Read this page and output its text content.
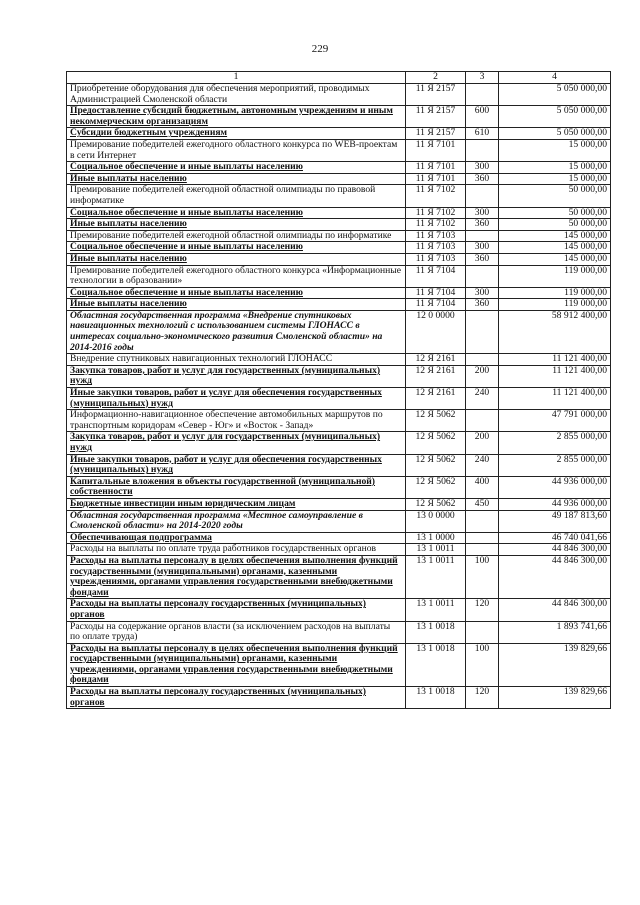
229
1	2	3	4
Приобретение оборудования для обеспечения мероприятий, проводимых Администрацией Смоленской области	11 Я 2157		5 050 000,00
Предоставление субсидий бюджетным, автономным учреждениям и иным некоммерческим организациям	11 Я 2157	600	5 050 000,00
Субсидии бюджетным учреждениям	11 Я 2157	610	5 050 000,00
Премирование победителей ежегодного областного конкурса по WEB-проектам в сети Интернет	11 Я 7101		15 000,00
Социальное обеспечение и иные выплаты населению	11 Я 7101	300	15 000,00
Иные выплаты населению	11 Я 7101	360	15 000,00
Премирование победителей ежегодной областной олимпиады по правовой информатике	11 Я 7102		50 000,00
Социальное обеспечение и иные выплаты населению	11 Я 7102	300	50 000,00
Иные выплаты населению	11 Я 7102	360	50 000,00
Премирование победителей ежегодной областной олимпиады по информатике	11 Я 7103		145 000,00
Социальное обеспечение и иные выплаты населению	11 Я 7103	300	145 000,00
Иные выплаты населению	11 Я 7103	360	145 000,00
Премирование победителей ежегодного областного конкурса «Информационные технологии в образовании»	11 Я 7104		119 000,00
Социальное обеспечение и иные выплаты населению	11 Я 7104	300	119 000,00
Иные выплаты населению	11 Я 7104	360	119 000,00
Областная государственная программа «Внедрение спутниковых навигационных технологий с использованием системы ГЛОНАСС в интересах социально-экономического развития Смоленской области» на 2014-2016 годы	12 0 0000		58 912 400,00
Внедрение спутниковых навигационных технологий ГЛОНАСС	12 Я 2161		11 121 400,00
Закупка товаров, работ и услуг для государственных (муниципальных) нужд	12 Я 2161	200	11 121 400,00
Иные закупки товаров, работ и услуг для обеспечения государственных (муниципальных) нужд	12 Я 2161	240	11 121 400,00
Информационно-навигационное обеспечение автомобильных маршрутов по транспортным коридорам «Север - Юг» и «Восток - Запад»	12 Я 5062		47 791 000,00
Закупка товаров, работ и услуг для государственных (муниципальных) нужд	12 Я 5062	200	2 855 000,00
Иные закупки товаров, работ и услуг для обеспечения государственных (муниципальных) нужд	12 Я 5062	240	2 855 000,00
Капитальные вложения в объекты государственной (муниципальной) собственности	12 Я 5062	400	44 936 000,00
Бюджетные инвестиции иным юридическим лицам	12 Я 5062	450	44 936 000,00
Областная государственная программа «Местное самоуправление в Смоленской области» на 2014-2020 годы	13 0 0000		49 187 813,60
Обеспечивающая подпрограмма	13 1 0000		46 740 041,66
Расходы на выплаты по оплате труда работников государственных органов	13 1 0011		44 846 300,00
Расходы на выплаты персоналу в целях обеспечения выполнения функций государственными (муниципальными) органами, казенными учреждениями, органами управления государственными внебюджетными фондами	13 1 0011	100	44 846 300,00
Расходы на выплаты персоналу государственных (муниципальных) органов	13 1 0011	120	44 846 300,00
Расходы на содержание органов власти (за исключением расходов на выплаты по оплате труда)	13 1 0018		1 893 741,66
Расходы на выплаты персоналу в целях обеспечения выполнения функций государственными (муниципальными) органами, казенными учреждениями, органами управления государственными внебюджетными фондами	13 1 0018	100	139 829,66
Расходы на выплаты персоналу государственных (муниципальных) органов	13 1 0018	120	139 829,66
